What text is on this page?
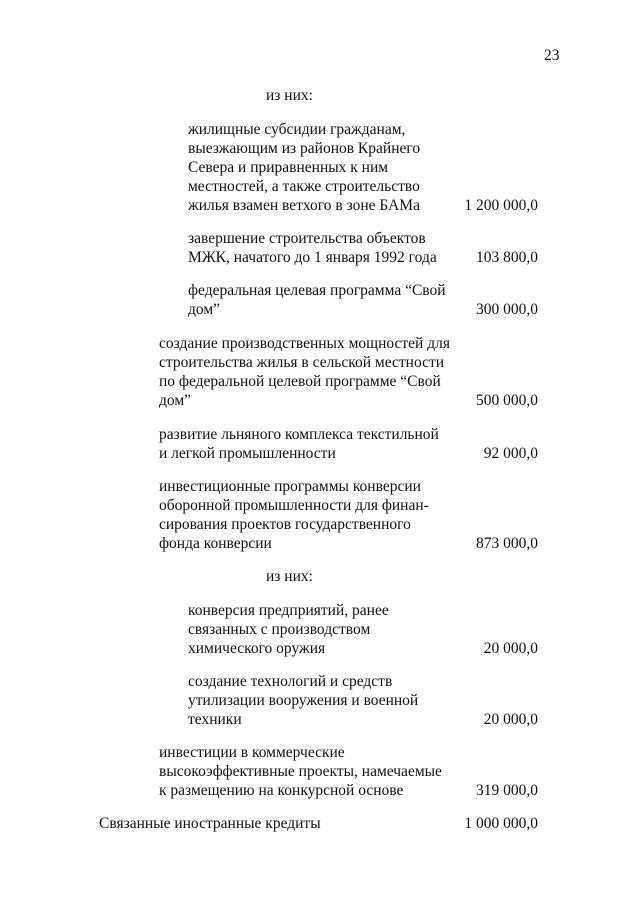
23
из них:
жилищные субсидии гражданам,
выезжающим из районов Крайнего
Севера и приравненных к ним
местностей, а также строительство
жилья взамен ветхого в зоне БАМа	1 200 000,0
завершение строительства объектов
МЖК, начатого до 1 января 1992 года	103 800,0
федеральная целевая программа “Свой
дом”	300 000,0
создание производственных мощностей для
строительства жилья в сельской местности
по федеральной целевой программе “Свой
дом”	500 000,0
развитие льняного комплекса текстильной
и легкой промышленности	92 000,0
инвестиционные программы конверсии
оборонной промышленности для финан-
сирования проектов государственного
фонда конверсии	873 000,0
из них:
конверсия предприятий, ранее
связанных с производством
химического оружия	20 000,0
создание технологий и средств
утилизации вооружения и военной
техники	20 000,0
инвестиции в коммерческие
высокоэффективные проекты, намечаемые
к размещению на конкурсной основе	319 000,0
Связанные иностранные кредиты	1 000 000,0
